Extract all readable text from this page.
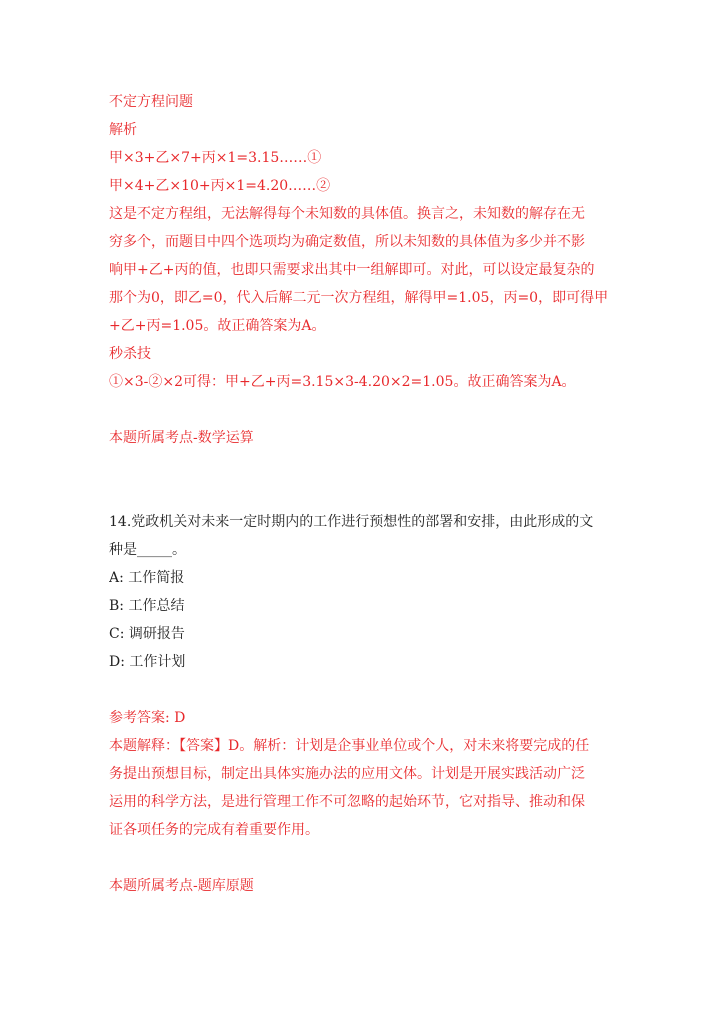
不定方程问题
解析
甲×3+乙×7+丙×1=3.15……①
甲×4+乙×10+丙×1=4.20……②
这是不定方程组，无法解得每个未知数的具体值。换言之，未知数的解存在无
穷多个，而题目中四个选项均为确定数值，所以未知数的具体值为多少并不影
响甲+乙+丙的值，也即只需要求出其中一组解即可。对此，可以设定最复杂的
那个为0，即乙=0，代入后解二元一次方程组，解得甲=1.05，丙=0，即可得甲
+乙+丙=1.05。故正确答案为A。
秒杀技
①×3-②×2可得：甲+乙+丙=3.15×3-4.20×2=1.05。故正确答案为A。
本题所属考点-数学运算
14.党政机关对未来一定时期内的工作进行预想性的部署和安排，由此形成的文
种是_____。
A: 工作简报
B: 工作总结
C: 调研报告
D: 工作计划
参考答案: D
本题解释：【答案】D。解析：计划是企事业单位或个人，对未来将要完成的任
务提出预想目标，制定出具体实施办法的应用文体。计划是开展实践活动广泛
运用的科学方法，是进行管理工作不可忽略的起始环节，它对指导、推动和保
证各项任务的完成有着重要作用。
本题所属考点-题库原题
